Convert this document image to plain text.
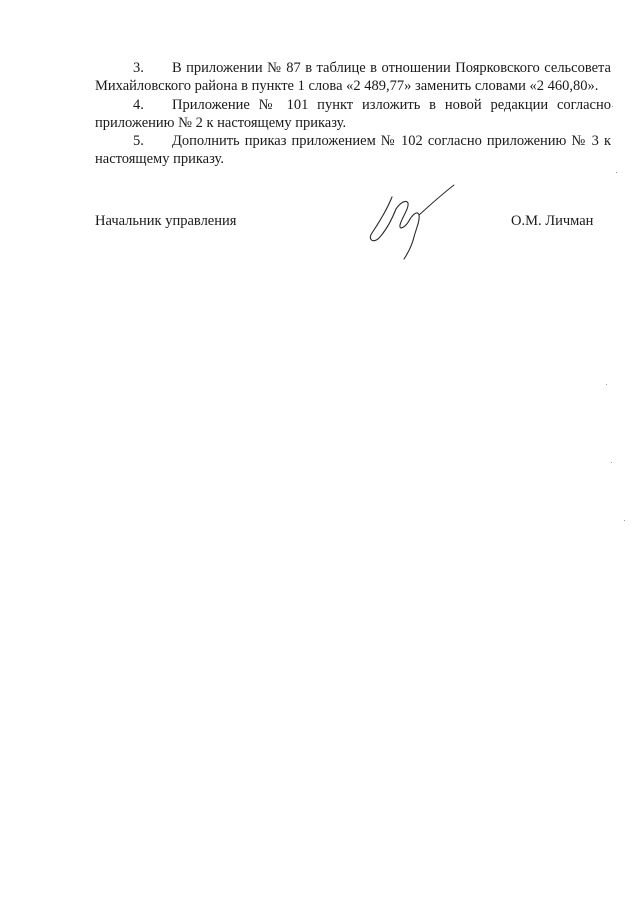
3. В приложении № 87 в таблице в отношении Поярковского сельсовета Михайловского района в пункте 1 слова «2 489,77» заменить словами «2 460,80».

4. Приложение № 101 пункт изложить в новой редакции согласно приложению № 2 к настоящему приказу.

5. Дополнить приказ приложением № 102 согласно приложению № 3 к настоящему приказу.

Начальник управления	О.М. Личман
